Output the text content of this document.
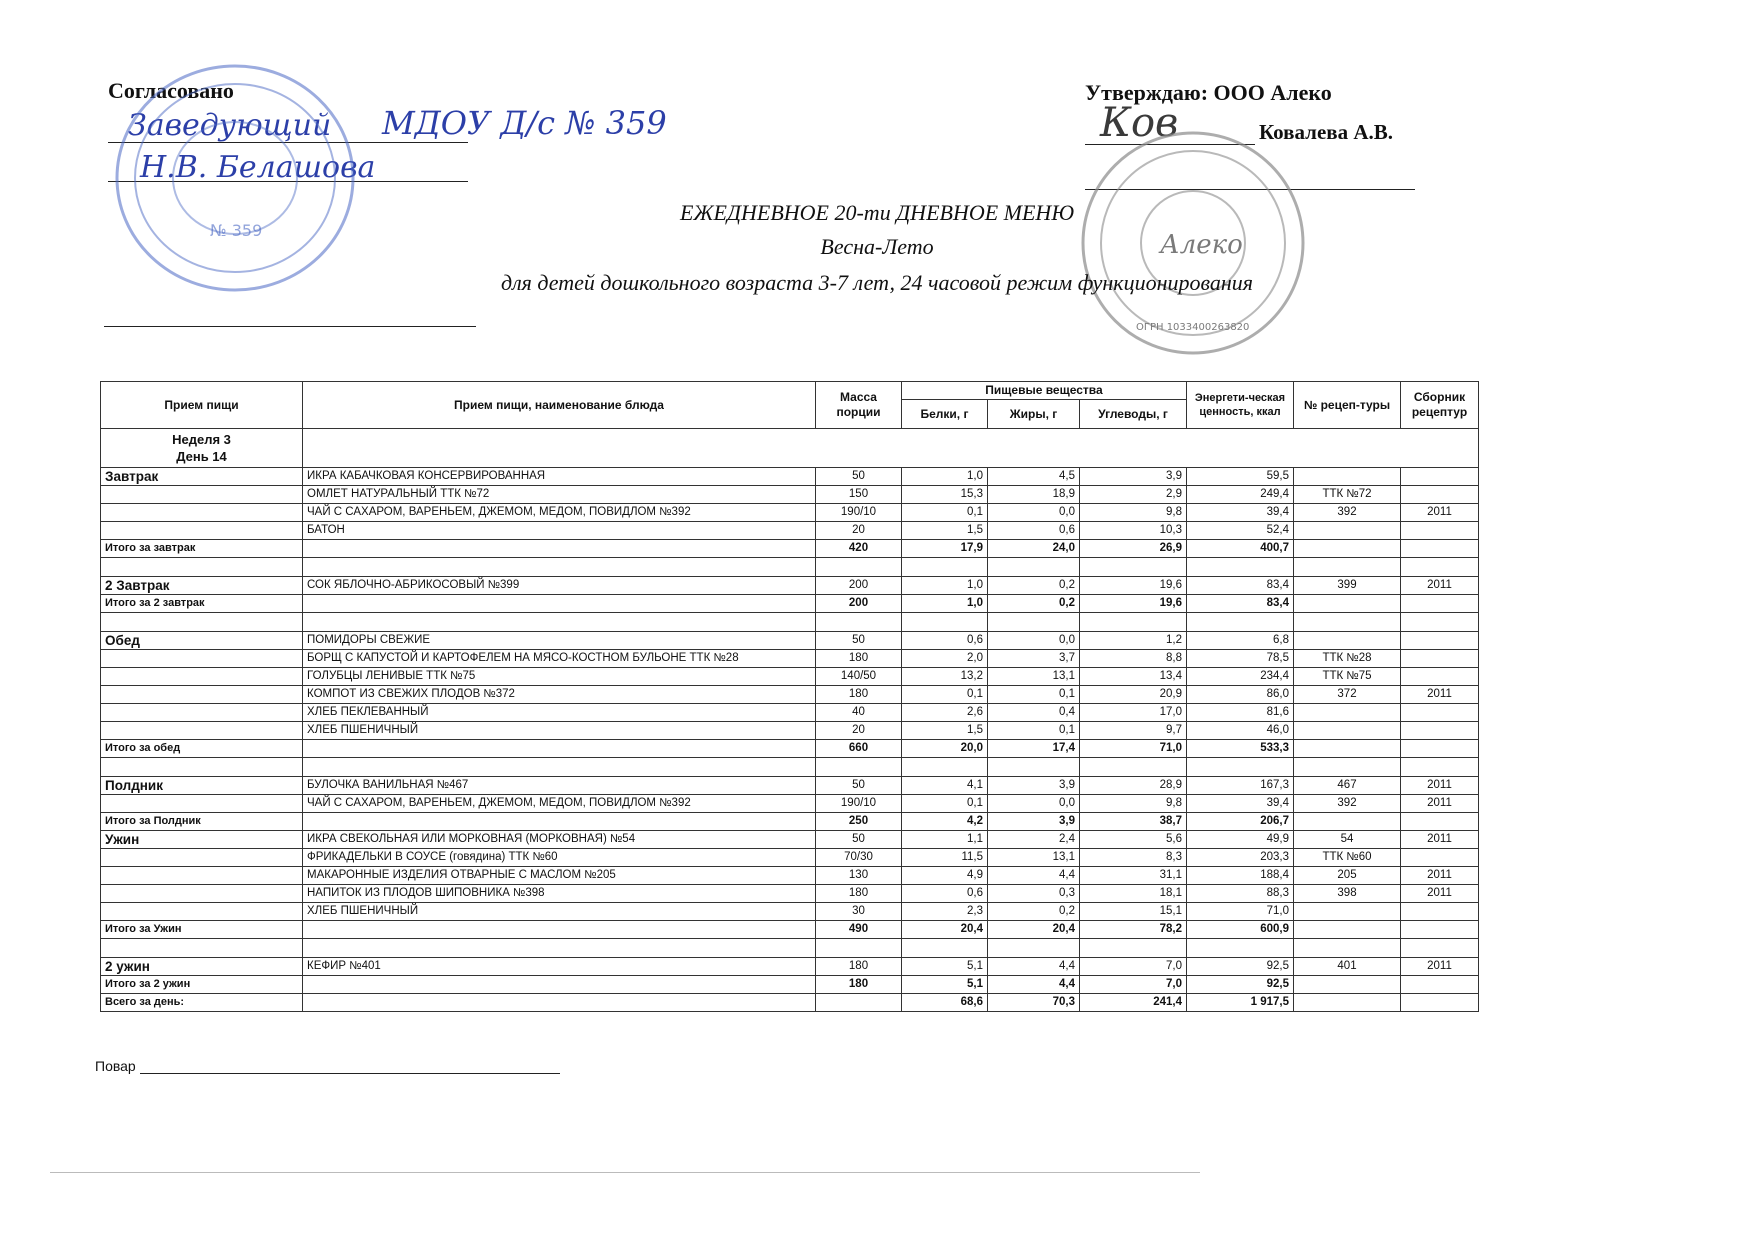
Согласовано
Заведующий МДОУ Д/с № 359
Н.В. Белашова
№ 359
Утверждаю: ООО Алеко
Ковалева А.В.
Ков
Алеко
ОГРН 1033400263820
ЕЖЕДНЕВНОЕ 20-ти ДНЕВНОЕ МЕНЮ
Весна-Лето
для детей дошкольного возраста 3-7 лет, 24 часовой режим функционирования
Прием пищи	Прием пищи, наименование блюда	Масса порции	Пищевые вещества			Энергети-ческая ценность, ккал	№ рецеп-туры	Сборник рецептур
			Белки, г	Жиры, г	Углеводы, г			

Неделя 3
День 14								

Завтрак	ИКРА КАБАЧКОВАЯ КОНСЕРВИРОВАННАЯ	50	1,0	4,5	3,9	59,5		
	ОМЛЕТ НАТУРАЛЬНЫЙ ТТК №72	150	15,3	18,9	2,9	249,4	ТТК №72	
	ЧАЙ С САХАРОМ, ВАРЕНЬЕМ, ДЖЕМОМ, МЕДОМ, ПОВИДЛОМ №392	190/10	0,1	0,0	9,8	39,4	392	2011
	БАТОН	20	1,5	0,6	10,3	52,4		
Итого за завтрак		420	17,9	24,0	26,9	400,7		

2 Завтрак	СОК ЯБЛОЧНО-АБРИКОСОВЫЙ №399	200	1,0	0,2	19,6	83,4	399	2011
Итого за 2 завтрак		200	1,0	0,2	19,6	83,4		

Обед	ПОМИДОРЫ СВЕЖИЕ	50	0,6	0,0	1,2	6,8		
	БОРЩ С КАПУСТОЙ И КАРТОФЕЛЕМ НА МЯСО-КОСТНОМ БУЛЬОНЕ ТТК №28	180	2,0	3,7	8,8	78,5	ТТК №28	
	ГОЛУБЦЫ ЛЕНИВЫЕ ТТК №75	140/50	13,2	13,1	13,4	234,4	ТТК №75	
	КОМПОТ ИЗ СВЕЖИХ ПЛОДОВ №372	180	0,1	0,1	20,9	86,0	372	2011
	ХЛЕБ ПЕКЛЕВАННЫЙ	40	2,6	0,4	17,0	81,6		
	ХЛЕБ ПШЕНИЧНЫЙ	20	1,5	0,1	9,7	46,0		
Итого за обед		660	20,0	17,4	71,0	533,3		

Полдник	БУЛОЧКА ВАНИЛЬНАЯ №467	50	4,1	3,9	28,9	167,3	467	2011
	ЧАЙ С САХАРОМ, ВАРЕНЬЕМ, ДЖЕМОМ, МЕДОМ, ПОВИДЛОМ №392	190/10	0,1	0,0	9,8	39,4	392	2011
Итого за Полдник		250	4,2	3,9	38,7	206,7		
Ужин	ИКРА СВЕКОЛЬНАЯ ИЛИ МОРКОВНАЯ (МОРКОВНАЯ) №54	50	1,1	2,4	5,6	49,9	54	2011
	ФРИКАДЕЛЬКИ В СОУСЕ (говядина) ТТК №60	70/30	11,5	13,1	8,3	203,3	ТТК №60	
	МАКАРОННЫЕ ИЗДЕЛИЯ ОТВАРНЫЕ С МАСЛОМ №205	130	4,9	4,4	31,1	188,4	205	2011
	НАПИТОК ИЗ ПЛОДОВ ШИПОВНИКА №398	180	0,6	0,3	18,1	88,3	398	2011
	ХЛЕБ ПШЕНИЧНЫЙ	30	2,3	0,2	15,1	71,0		
Итого за Ужин		490	20,4	20,4	78,2	600,9		

2 ужин	КЕФИР №401	180	5,1	4,4	7,0	92,5	401	2011
Итого за 2 ужин		180	5,1	4,4	7,0	92,5		
Всего за день:			68,6	70,3	241,4	1 917,5		
Повар
